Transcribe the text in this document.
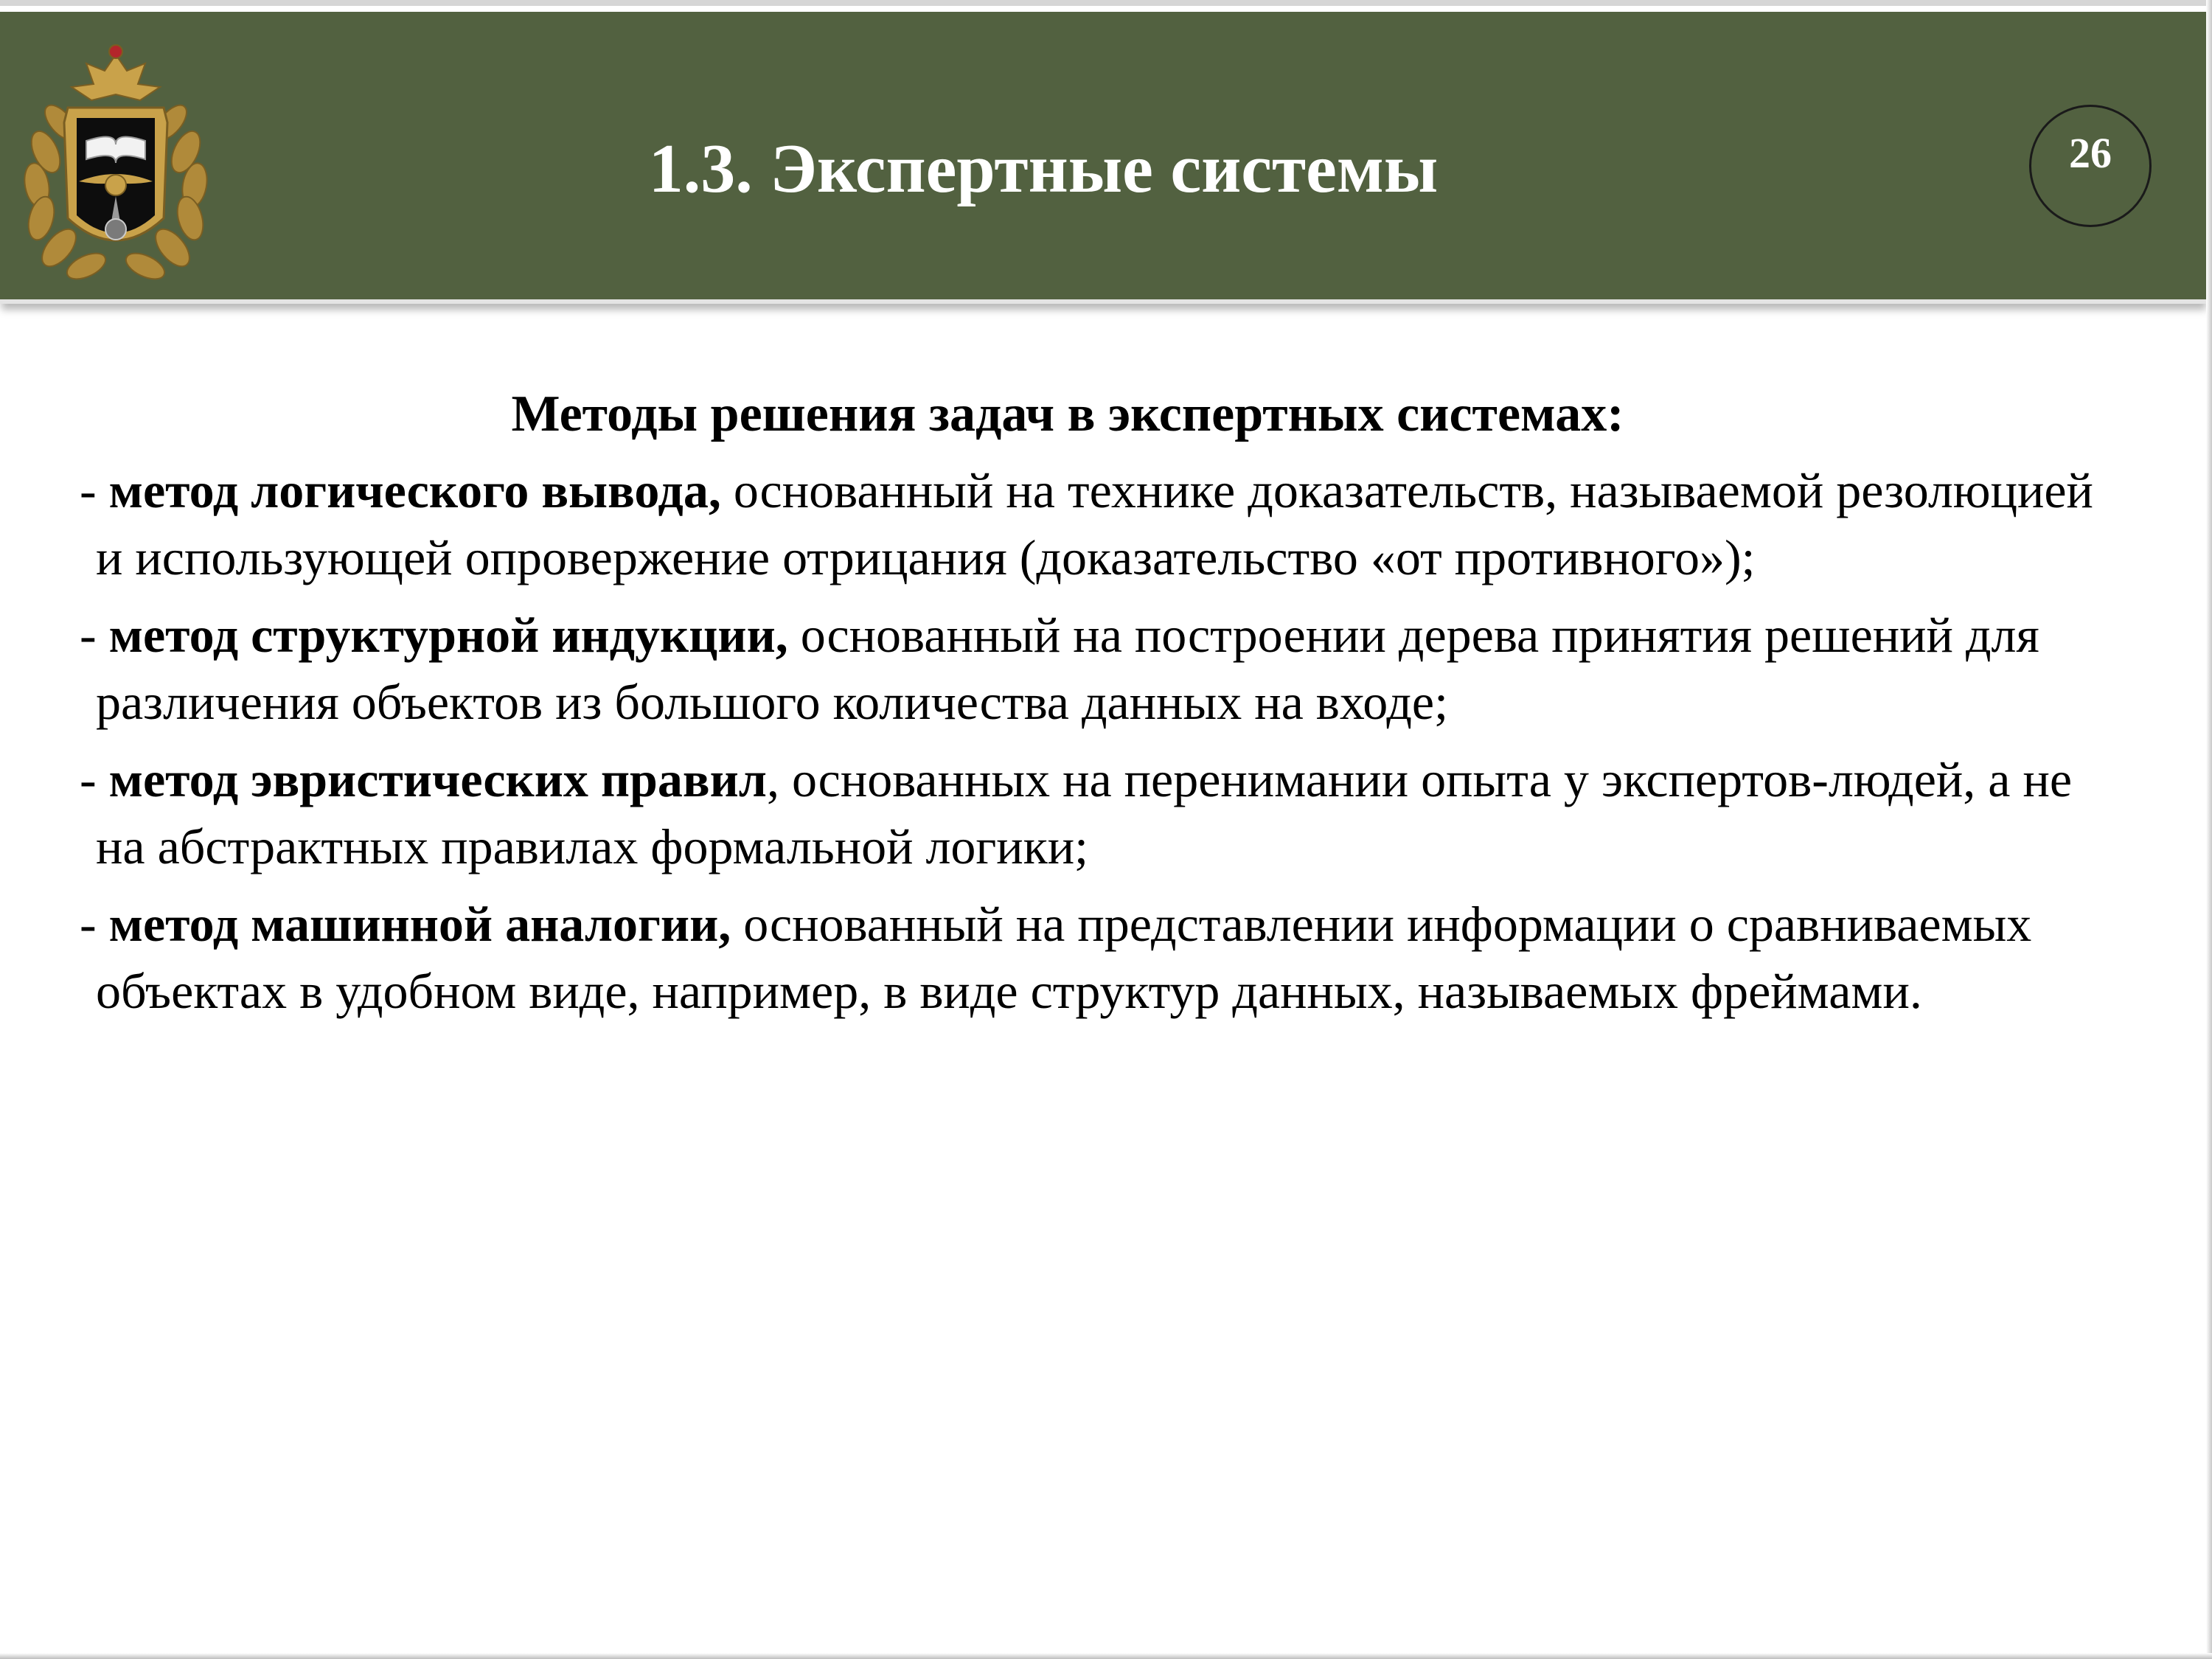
1.3. Экспертные системы	26
Методы решения задач в экспертных системах:
- метод логического вывода, основанный на технике доказательств, называемой резолюцией и использующей опровержение отрицания (доказательство «от противного»);
- метод структурной индукции, основанный на построении дерева принятия решений для различения объектов из большого количества данных на входе;
- метод эвристических правил, основанных на перенимании опыта у экспертов-людей, а не на абстрактных правилах формальной логики;
- метод машинной аналогии, основанный на представлении информации о сравниваемых объектах в удобном виде, например, в виде структур данных, называемых фреймами.
